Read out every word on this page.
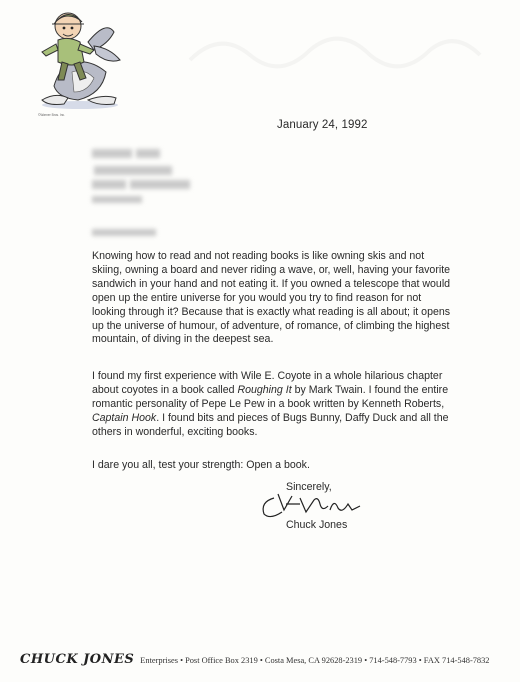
©Warner Bros. Inc.
January 24, 1992

Knowing how to read and not reading books is like owning skis and not skiing, owning a board and never riding a wave, or, well, having your favorite sandwich in your hand and not eating it. If you owned a telescope that would open up the entire universe for you would you try to find reason for not looking through it? Because that is exactly what reading is all about; it opens up the universe of humour, of adventure, of romance, of climbing the highest mountain, of diving in the deepest sea.

I found my first experience with Wile E. Coyote in a whole hilarious chapter about coyotes in a book called Roughing It by Mark Twain. I found the entire romantic personality of Pepe Le Pew in a book written by Kenneth Roberts, Captain Hook. I found bits and pieces of Bugs Bunny, Daffy Duck and all the others in wonderful, exciting books.

I dare you all, test your strength: Open a book.

Sincerely,
Chuck Jones
CHUCK JONES Enterprises • Post Office Box 2319 • Costa Mesa, CA 92628-2319 • 714-548-7793 • FAX 714-548-7832
